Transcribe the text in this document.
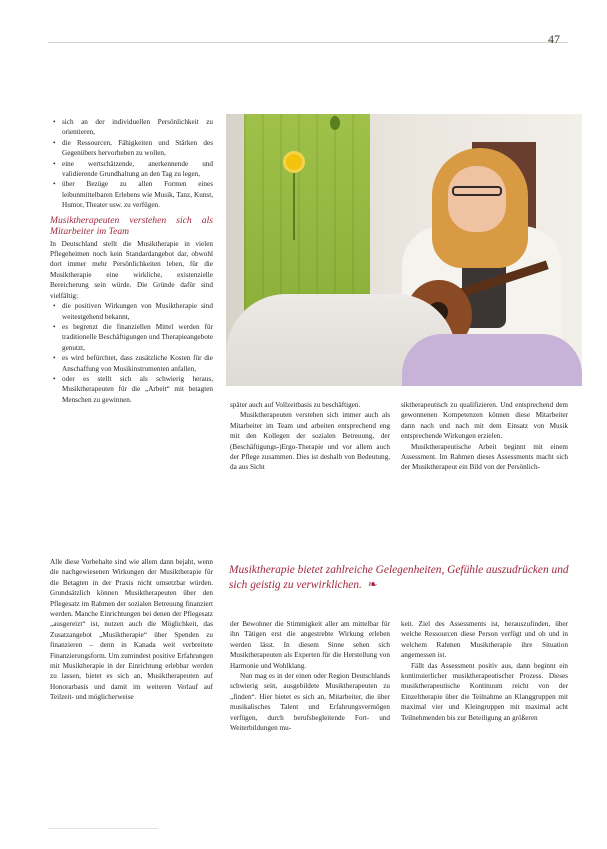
47
• sich an der individuellen Persönlichkeit zu orientieren,
• die Ressourcen, Fähigkeiten und Stärken des Gegenübers hervorheben zu wollen,
• eine wertschätzende, anerkennende und validierende Grundhaltung an den Tag zu legen,
• über Bezüge zu allen Formen eines leibunmittelbaren Erlebens wie Musik, Tanz, Kunst, Humor, Theater usw. zu verfügen.
Musiktherapeuten verstehen sich als Mitarbeiter im Team

In Deutschland stellt die Musiktherapie in vielen Pflegeheimen noch kein Standardangebot dar, obwohl dort immer mehr Persönlichkeiten leben, für die Musiktherapie eine wirkliche, existenzielle Bereicherung sein würde. Die Gründe dafür sind vielfältig:

• die positiven Wirkungen von Musiktherapie sind weitestgehend bekannt,
• es begrenzt die finanziellen Mittel werden für traditionelle Beschäftigungen und Therapieangebote genutzt,
• es wird befürchtet, dass zusätzliche Kosten für die Anschaffung von Musikinstrumenten anfallen,
• oder es stellt sich als schwierig heraus, Musiktherapeuten für die „Arbeit“ mit betagten Menschen zu gewinnen.

Alle diese Vorbehalte sind wie allem dann bejaht, wenn die nachgewiesenen Wirkungen der Musiktherapie für die Betagten in der Praxis nicht umsetzbar würden. Grundsätzlich können Musiktherapeuten über den Pflegesatz im Rahmen der sozialen Betreuung finanziert werden. Manche Einrichtungen bei denen der Pflegesatz „ausgereizt“ ist, nutzen auch die Möglichkeit, das Zusatzangebot „Musiktherapie“ über Spenden zu finanzieren – denn in Kanada weit verbreitete Finanzierungsform. Um zumindest positive Erfahrungen mit Musiktherapie in der Einrichtung erlebbar werden zu lassen, bietet es sich an, Musiktherapeuten auf Honorarbasis und damit im weiteren Verlauf auf Teilzeit- und möglicherweise

später auch auf Vollzeitbasis zu beschäftigen.

Musiktherapeuten verstehen sich immer auch als Mitarbeiter im Team und arbeiten entsprechend eng mit den Kollegen der sozialen Betreuung, der (Beschäftigungs-)Ergo-Therapie und vor allem auch der Pflege zusammen. Dies ist deshalb von Bedeutung, da aus Sicht

siktherapeutisch zu qualifizieren. Und entsprechend dem gewonnenen Kompetenzen können diese Mitarbeiter dann nach und nach mit dem Einsatz von Musik entsprechende Wirkungen erzielen.

Musiktherapeutische Arbeit beginnt mit einem Assessment. Im Rahmen dieses Assessments macht sich der Musiktherapeut ein Bild von der Persönlich-

Musiktherapie bietet zahlreiche Gelegenheiten, Gefühle auszudrücken und sich geistig zu verwirklichen. ❧

der Bewohner die Stimmigkeit aller am mittelbar für ihn Tätigen erst die angestrebte Wirkung erleben werden lässt. In diesem Sinne sehen sich Musiktherapeuten als Experten für die Herstellung von Harmonie und Wohlklang.

Nun mag es in der einen oder Region Deutschlands schwierig sein, ausgebildete Musiktherapeuten zu „finden“. Hier bietet es sich an, Mitarbeiter, die über musikalisches Talent und Erfahrungsvermögen verfügen, durch berufsbegleitende Fort- und Weiterbildungen mu-

keit. Ziel des Assessments ist, herauszufinden, über welche Ressourcen diese Person verfügt und ob und in welchem Rahmen Musiktherapie ihre Situation angemessen ist.

Fällt das Assessment positiv aus, dann beginnt ein kontinuierlicher musiktherapeutischer Prozess. Dieses musiktherapeutische Kontinuum reicht von der Einzeltherapie über die Teilnahme an Klanggruppen mit maximal vier und Kleingruppen mit maximal acht Teilnehmenden bis zur Beteiligung an größeren
